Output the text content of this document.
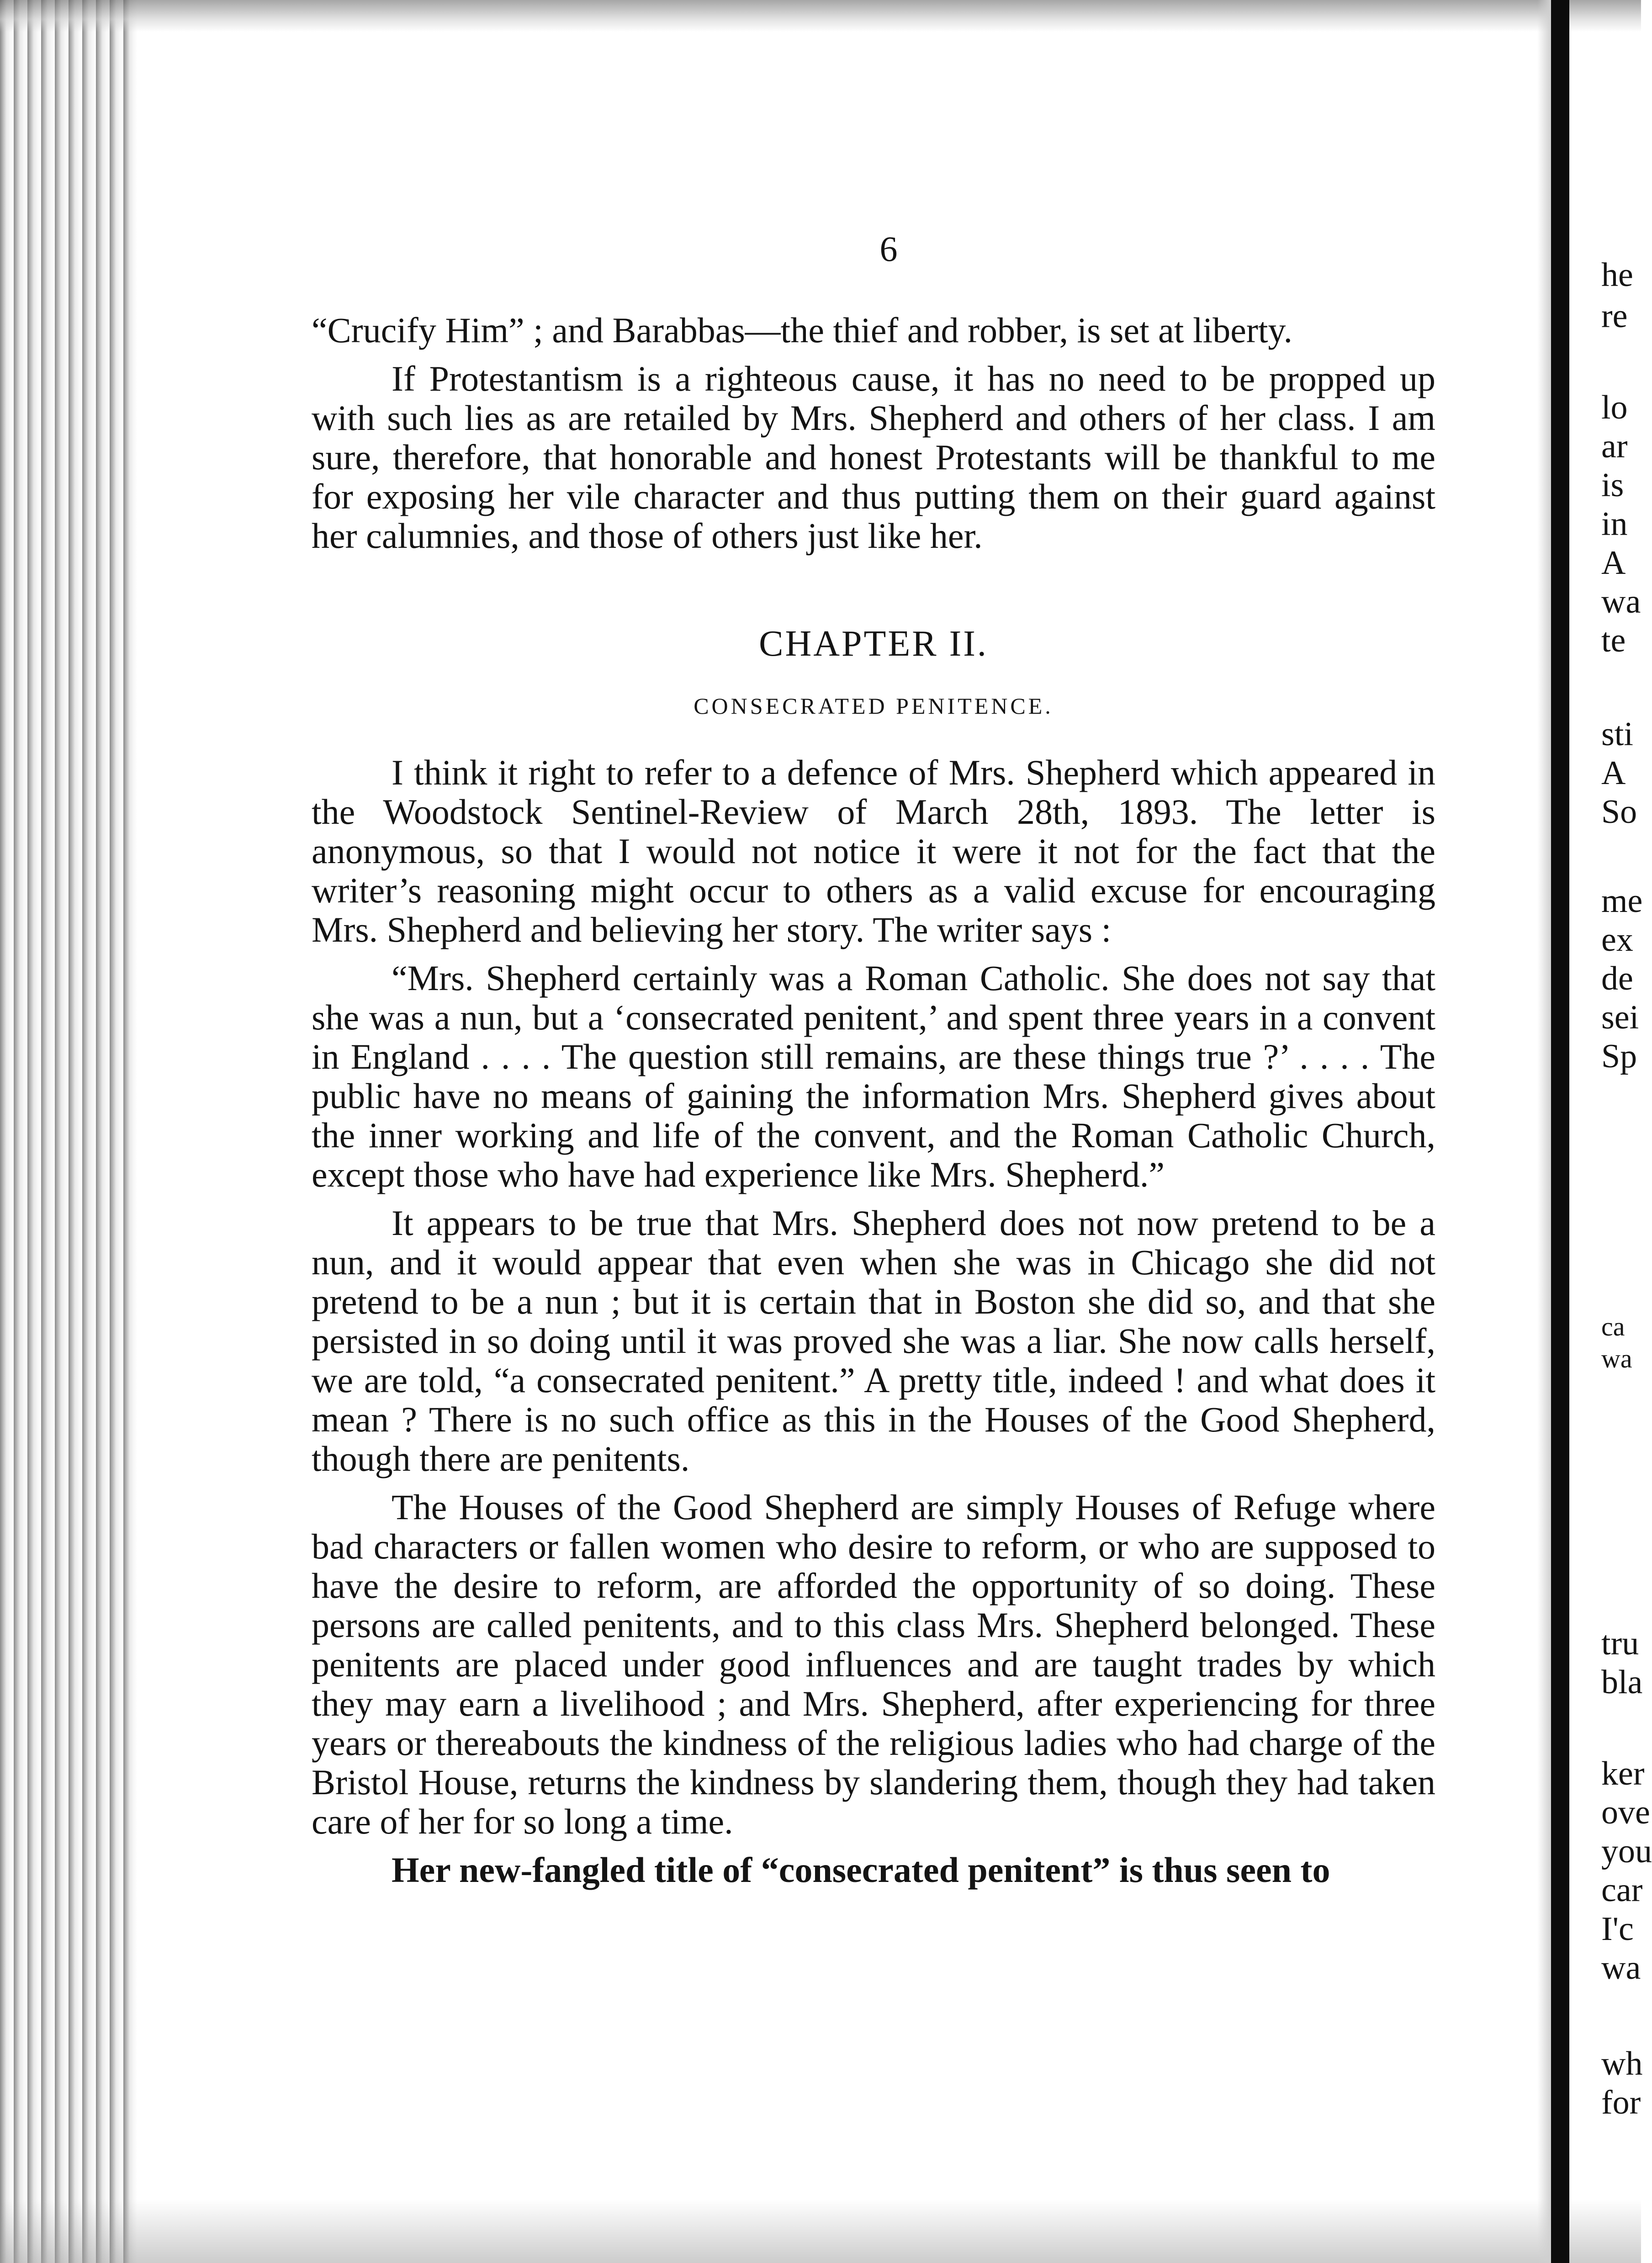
6

“Crucify Him” ; and Barabbas—the thief and robber, is set at liberty.

If Protestantism is a righteous cause, it has no need to be propped up with such lies as are retailed by Mrs. Shepherd and others of her class. I am sure, therefore, that honorable and honest Protestants will be thankful to me for exposing her vile character and thus putting them on their guard against her calumnies, and those of others just like her.

CHAPTER II.

CONSECRATED PENITENCE.

I think it right to refer to a defence of Mrs. Shepherd which appeared in the Woodstock Sentinel-Review of March 28th, 1893. The letter is anonymous, so that I would not notice it were it not for the fact that the writer’s reasoning might occur to others as a valid excuse for encouraging Mrs. Shepherd and believing her story. The writer says :

“Mrs. Shepherd certainly was a Roman Catholic. She does not say that she was a nun, but a ‘consecrated penitent,’ and spent three years in a convent in England . . . . The question still remains, are these things true ?’ . . . . The public have no means of gaining the information Mrs. Shepherd gives about the inner working and life of the convent, and the Roman Catholic Church, except those who have had experience like Mrs. Shepherd.”

It appears to be true that Mrs. Shepherd does not now pretend to be a nun, and it would appear that even when she was in Chicago she did not pretend to be a nun ; but it is certain that in Boston she did so, and that she persisted in so doing until it was proved she was a liar. She now calls herself, we are told, “a consecrated penitent.” A pretty title, indeed ! and what does it mean ? There is no such office as this in the Houses of the Good Shepherd, though there are penitents.

The Houses of the Good Shepherd are simply Houses of Refuge where bad characters or fallen women who desire to reform, or who are supposed to have the desire to reform, are afforded the opportunity of so doing. These persons are called penitents, and to this class Mrs. Shepherd belonged. These penitents are placed under good influences and are taught trades by which they may earn a livelihood ; and Mrs. Shepherd, after experiencing for three years or thereabouts the kindness of the religious ladies who had charge of the Bristol House, returns the kindness by slandering them, though they had taken care of her for so long a time.

Her new-fangled title of “consecrated penitent” is thus seen to

he
re
lo
ar
is
in
A
wa
te
sti
A
So
me
ex
de
sei
Sp
ca
wa
tru
bla
ker
ove
you
car
I'c
wa
wh
for
